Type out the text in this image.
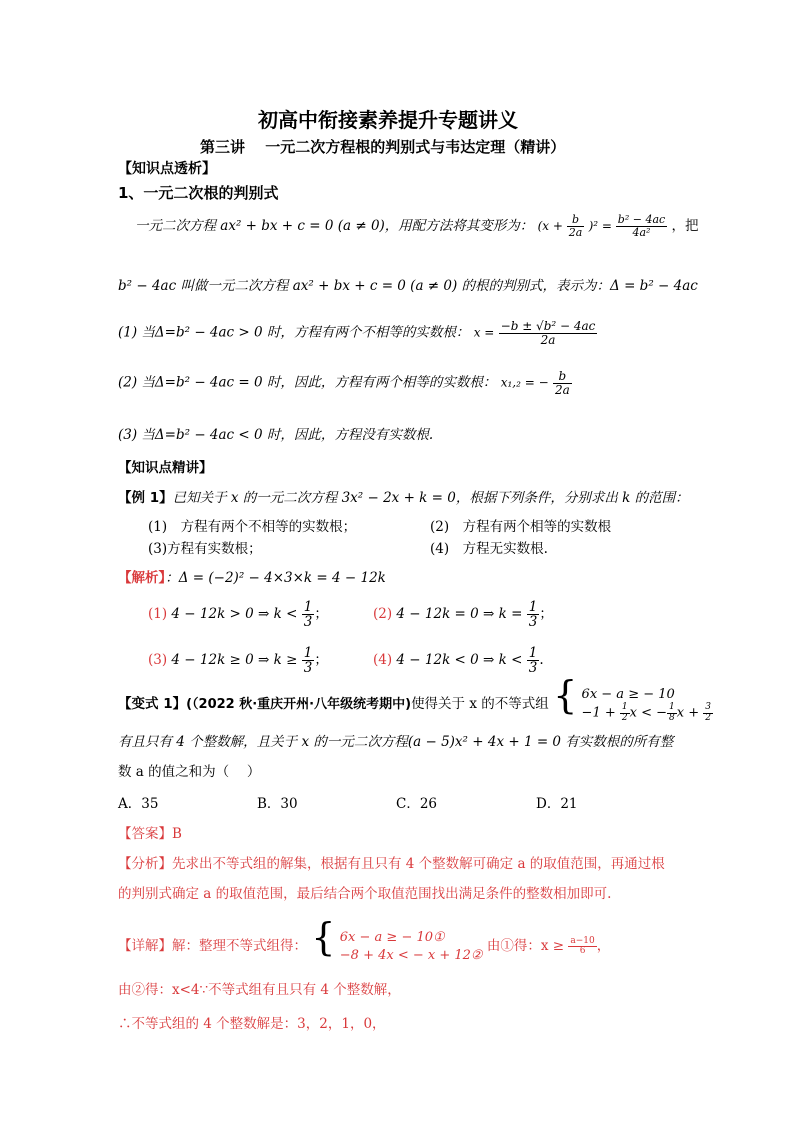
初高中衔接素养提升专题讲义
第三讲　 一元二次方程根的判别式与韦达定理（精讲）
【知识点透析】
1、一元二次根的判别式
一元二次方程 ax² + bx + c = 0 (a ≠ 0)，用配方法将其变形为： $(x + \frac{b}{2a} )^2 = \frac{\text{b² − 4ac}}{\text{4a²}}$ ，把
b² − 4ac 叫做一元二次方程 ax² + bx + c = 0 (a ≠ 0) 的根的判别式，表示为：Δ = b² − 4ac
(1) 当Δ=b² − 4ac > 0 时，方程有两个不相等的实数根： $x = \frac{\text{−b ± √b² − 4ac}}{2a}$
(2) 当Δ=b² − 4ac = 0 时，因此，方程有两个相等的实数根： x₁,₂ = − $\frac{b}{2a}$
(3) 当Δ=b² − 4ac < 0 时，因此，方程没有实数根.
【知识点精讲】
【例 1】已知关于 x 的一元二次方程 3x² − 2x + k = 0，根据下列条件，分别求出 k 的范围：
(1)　方程有两个不相等的实数根；	(2)　方程有两个相等的实数根
(3)方程有实数根；	(4)　方程无实数根.
【解析】：Δ = (−2)² − 4×3×k = 4 − 12k
(1) 4 − 12k > 0 ⇒ $k < \frac{1}{3}$ ；	(2) 4 − 12k = 0 ⇒ $k = \frac{1}{3}$ ；
(3) 4 − 12k ≥ 0 ⇒ $k \ge \frac{1}{3}$ ；	(4) 4 − 12k < 0 ⇒ $k < \frac{1}{3}$ .
【变式 1】(（2022 秋·重庆开州·八年级统考期中)使得关于 x 的不等式组 { 6x − a ≥ − 10
$-1 + \frac{1}{2}$ x < − $\frac{1}{8}$ $x + \frac{3}{2}$
有且只有 4 个整数解，且关于 x 的一元二次方程(a − 5)x² + 4x + 1 = 0 有实数根的所有整
数 a 的值之和为（　 ）
A．35	B．30	C．26	D．21
【答案】B
【分析】先求出不等式组的解集，根据有且只有 4 个整数解可确定 a 的取值范围，再通过根
的判别式确定 a 的取值范围，最后结合两个取值范围找出满足条件的整数相加即可.
【详解】解：整理不等式组得： { 6x − a ≥ − 10①
−8 + 4x < − x + 12②
由①得：$x \ge \frac{a-10}{6}$ ，
由②得：x<4∵不等式组有且只有 4 个整数解，
∴不等式组的 4 个整数解是：3，2，1，0，
